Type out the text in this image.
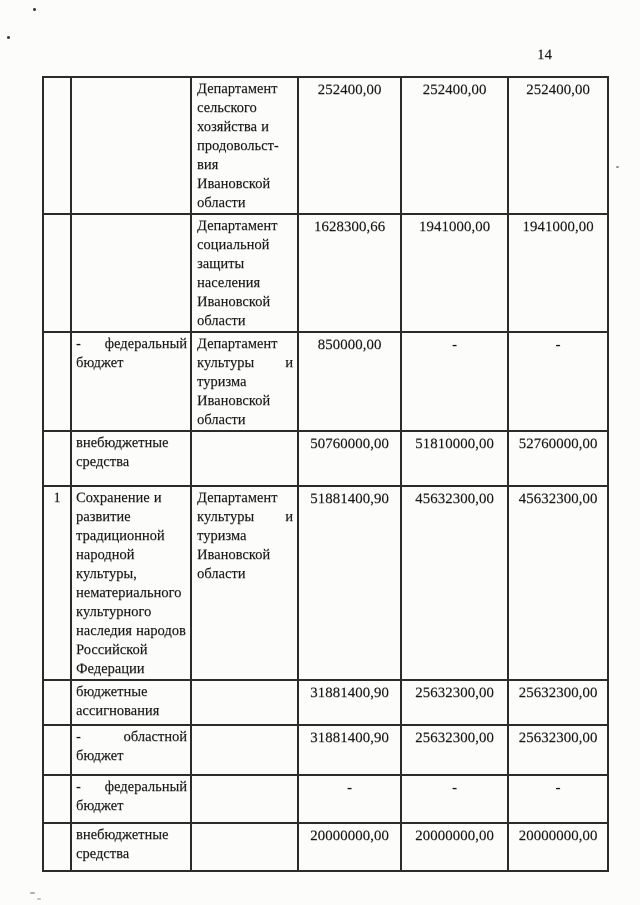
14
		Департамент сельского хозяйства и продовольст-вия Ивановской области	252400,00	252400,00	252400,00
		Департамент социальной защиты населения Ивановской области	1628300,66	1941000,00	1941000,00
	- федеральный бюджет	Департамент культуры и туризма Ивановской области	850000,00	-	-
	внебюджетные средства		50760000,00	51810000,00	52760000,00
1	Сохранение и развитие традиционной народной культуры, нематериального культурного наследия народов Российской Федерации	Департамент культуры и туризма Ивановской области	51881400,90	45632300,00	45632300,00
	бюджетные ассигнования		31881400,90	25632300,00	25632300,00
	- областной бюджет		31881400,90	25632300,00	25632300,00
	- федеральный бюджет		-	-	-
	внебюджетные средства		20000000,00	20000000,00	20000000,00
